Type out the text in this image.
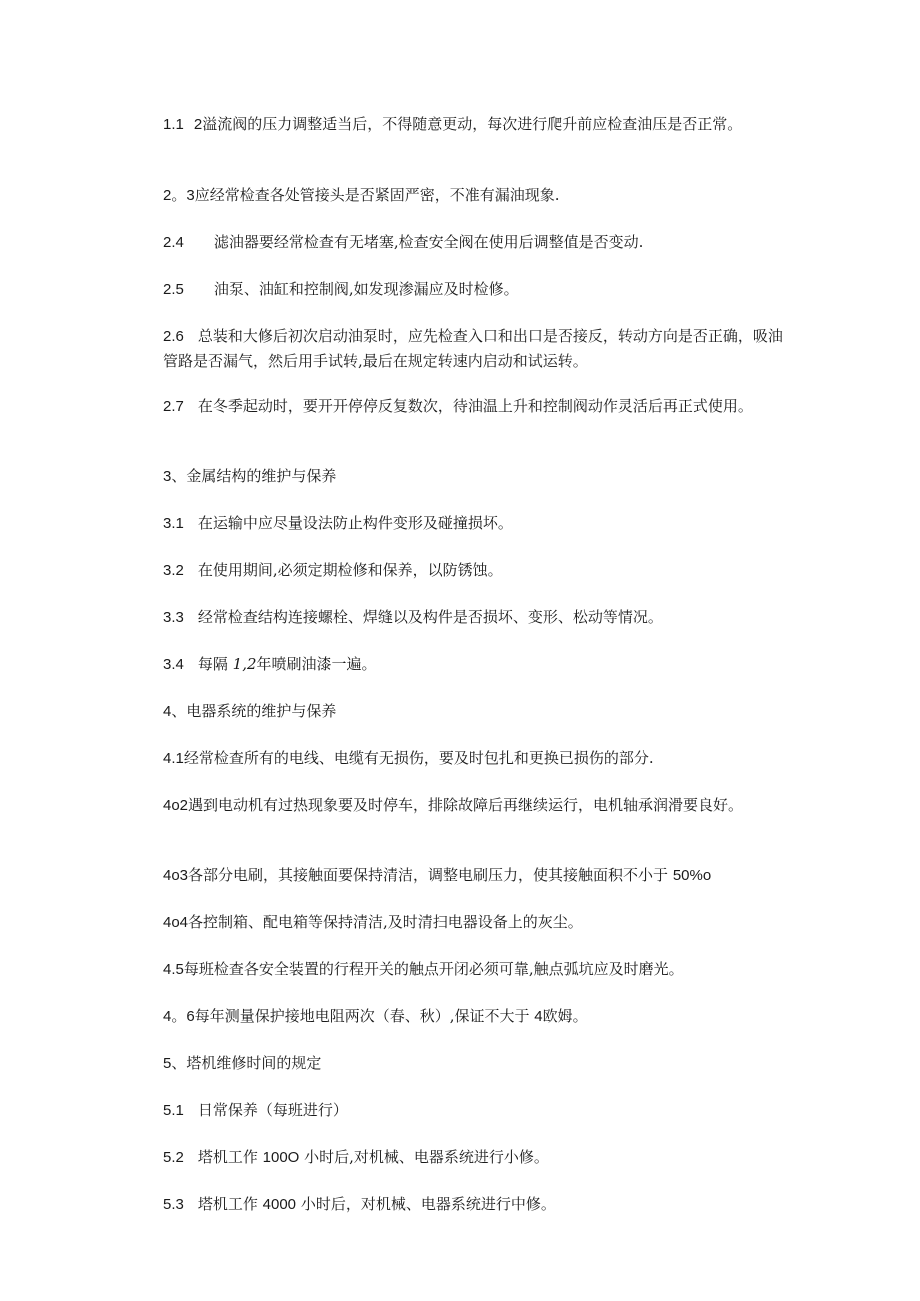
1.1 2溢流阀的压力调整适当后，不得随意更动，每次进行爬升前应检查油压是否正常。

2。3应经常检查各处管接头是否紧固严密，不准有漏油现象.

2.4 滤油器要经常检查有无堵塞,检查安全阀在使用后调整值是否变动.

2.5 油泵、油缸和控制阀,如发现渗漏应及时检修。

2.6 总装和大修后初次启动油泵时，应先检查入口和出口是否接反，转动方向是否正确，吸油管路是否漏气，然后用手试转,最后在规定转速内启动和试运转。

2.7 在冬季起动时，要开开停停反复数次，待油温上升和控制阀动作灵活后再正式使用。

3、金属结构的维护与保养

3.1 在运输中应尽量设法防止构件变形及碰撞损坏。

3.2 在使用期间,必须定期检修和保养，以防锈蚀。

3.3 经常检查结构连接螺栓、焊缝以及构件是否损坏、变形、松动等情况。

3.4 每隔 1,2年喷刷油漆一遍。

4、电器系统的维护与保养

4.1经常检查所有的电线、电缆有无损伤，要及时包扎和更换已损伤的部分.

4o2遇到电动机有过热现象要及时停车，排除故障后再继续运行，电机轴承润滑要良好。

4o3各部分电刷，其接触面要保持清洁，调整电刷压力，使其接触面积不小于 50%o

4o4各控制箱、配电箱等保持清洁,及时清扫电器设备上的灰尘。

4.5每班检查各安全装置的行程开关的触点开闭必须可靠,触点弧坑应及时磨光。

4。6每年测量保护接地电阻两次（春、秋）,保证不大于 4欧姆。

5、塔机维修时间的规定

5.1 日常保养（每班进行）

5.2 塔机工作 100O 小时后,对机械、电器系统进行小修。

5.3 塔机工作 4000 小时后，对机械、电器系统进行中修。
